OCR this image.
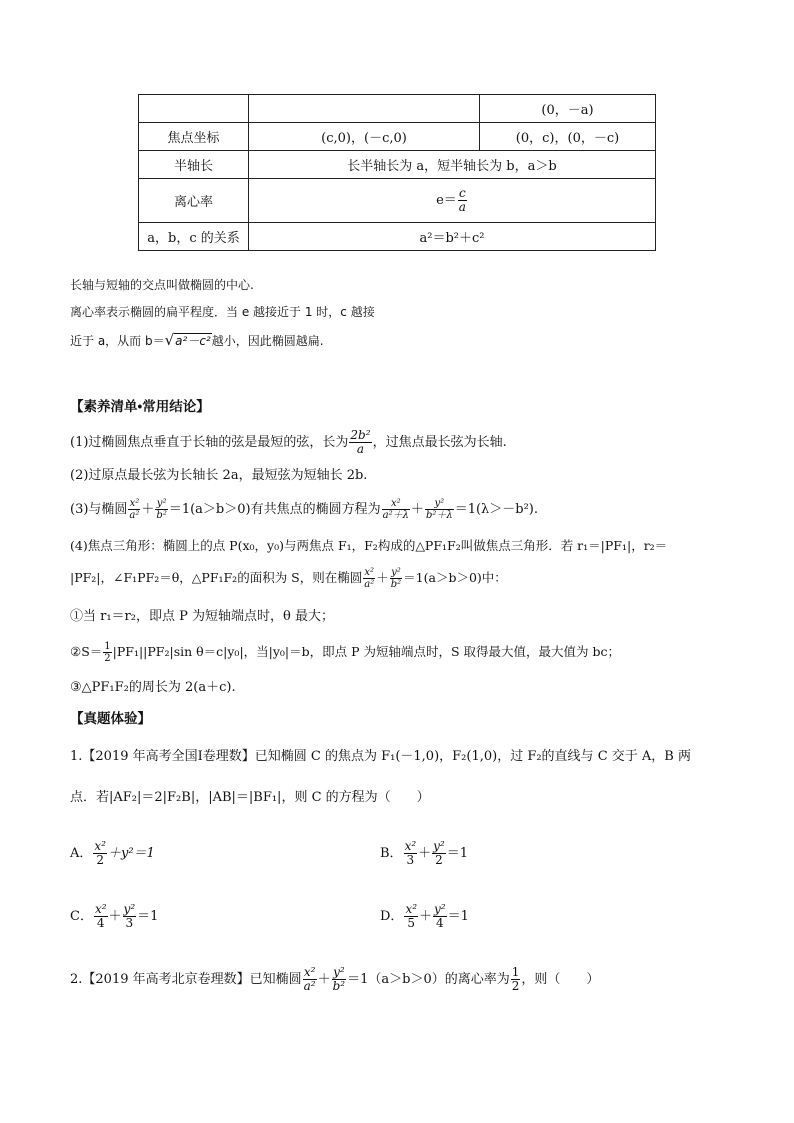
		(0，－a)
焦点坐标	(c,0)，(－c,0)	(0，c)，(0，－c)
半轴长	长半轴长为 a，短半轴长为 b，a＞b	
离心率	$e= \frac{c}{a}$

a，b，c 的关系	a²＝b²＋c²	
长轴与短轴的交点叫做椭圆的中心.
离心率表示椭圆的扁平程度．当 e 越接近于 1 时，c 越接
近于 a，从而 b＝√a²－c²越小，因此椭圆越扁.
【素养清单•常用结论】
(1)过椭圆焦点垂直于长轴的弦是最短的弦，长为 $\frac{\text{2b²}}{a}$ ，过焦点最长弦为长轴.
(2)过原点最长弦为长轴长 2a，最短弦为短轴长 2b.
(3)与椭圆 $\frac{\text{x²}}{\text{a²}} + \frac{\text{y²}}{\text{b²}} =1(a>b>0)$有共焦点的椭圆方程为 $\frac{\text{x²}}{\text{a²＋λ}} + \frac{\text{y²}}{\text{b²＋λ}} =1(\lambda>-b^2)$.
(4)焦点三角形：椭圆上的点 P(x₀，y₀)与两焦点 F₁，F₂构成的△PF₁F₂叫做焦点三角形．若 r₁＝|PF₁|，r₂＝
|PF₂|，∠F₁PF₂＝θ，△PF₁F₂的面积为 S，则在椭圆 $\frac{\text{x²}}{\text{a²}} + \frac{\text{y²}}{\text{b²}} =1(a>b>0)$中：
①当 r₁＝r₂，即点 P 为短轴端点时，θ 最大；
②S＝ $\frac{1}{2} |PF_1||PF_2|\sin$ θ＝c|y₀|，当|y₀|＝b，即点 P 为短轴端点时，S 取得最大值，最大值为 bc；
③△PF₁F₂的周长为 2(a＋c).
【真题体验】
1.【2019 年高考全国Ⅰ卷理数】已知椭圆 C 的焦点为 F₁(－1,0)，F₂(1,0)，过 F₂的直线与 C 交于 A，B 两
点．若|AF₂|＝2|F₂B|，|AB|＝|BF₁|，则 C 的方程为（　　）
A． $\frac{\text{x²}}{2} +y^2=1$	B． $\frac{\text{x²}}{3} + \frac{\text{y²}}{2} =1$
C． $\frac{\text{x²}}{4} + \frac{\text{y²}}{3} =1$	D． $\frac{\text{x²}}{5} + \frac{\text{y²}}{4} =1$
2.【2019 年高考北京卷理数】已知椭圆 $\frac{\text{x²}}{\text{a²}} + \frac{\text{y²}}{\text{b²}} =1(a>b>0)$的离心率为 $\frac{1}{2}$ ，则（　　）
